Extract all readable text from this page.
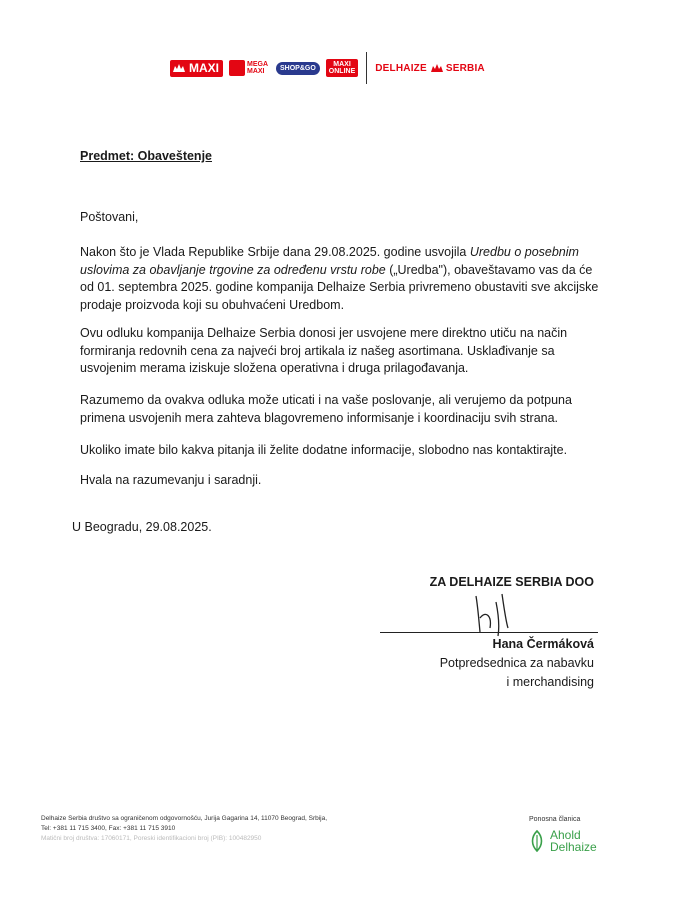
MAXI	MEGA
MAXI	SHOP&GO	MAXI
ONLINE DELHAIZE SERBIA
Predmet: Obaveštenje
Poštovani,
Nakon što je Vlada Republike Srbije dana 29.08.2025. godine usvojila Uredbu o posebnim uslovima za obavljanje trgovine za određenu vrstu robe („Uredba"), obaveštavamo vas da će od 01. septembra 2025. godine kompanija Delhaize Serbia privremeno obustaviti sve akcijske prodaje proizvoda koji su obuhvaćeni Uredbom.
Ovu odluku kompanija Delhaize Serbia donosi jer usvojene mere direktno utiču na način formiranja redovnih cena za najveći broj artikala iz našeg asortimana. Usklađivanje sa usvojenim merama iziskuje složena operativna i druga prilagođavanja.
Razumemo da ovakva odluka može uticati i na vaše poslovanje, ali verujemo da potpuna primena usvojenih mera zahteva blagovremeno informisanje i koordinaciju svih strana.
Ukoliko imate bilo kakva pitanja ili želite dodatne informacije, slobodno nas kontaktirajte.
Hvala na razumevanju i saradnji.
U Beogradu, 29.08.2025.
ZA DELHAIZE SERBIA DOO
Hana Čermáková
Potpredsednica za nabavku
i merchandising
Delhaize Serbia društvo sa ograničenom odgovornošću, Jurija Gagarina 14, 11070 Beograd, Srbija,
Tel: +381 11 715 3400, Fax: +381 11 715 3910
Matični broj društva: 17060171, Poreski identifikacioni broj (PIB): 100482950
Ponosna članica
Ahold
Delhaize
